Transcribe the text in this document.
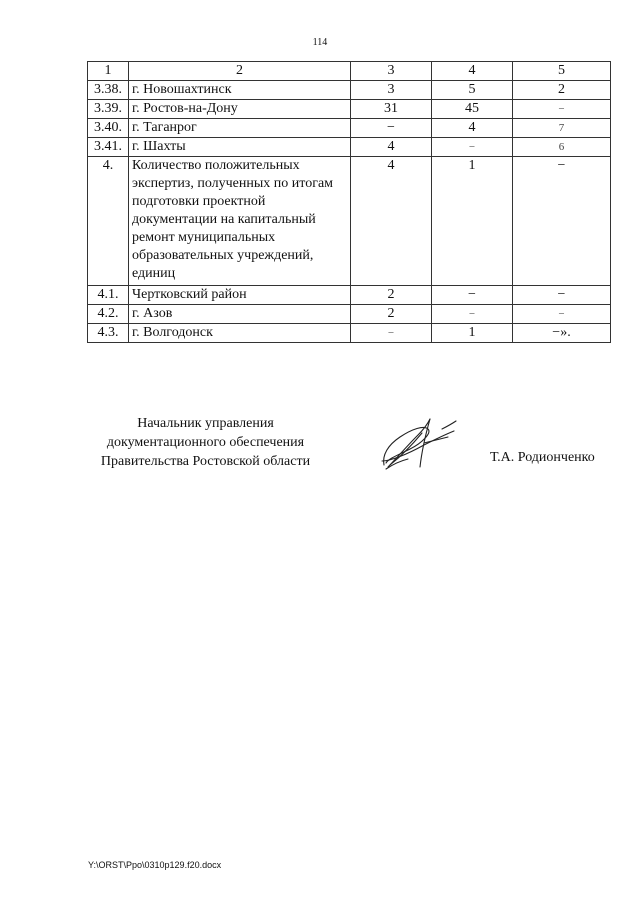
114
1	2	3	4	5
3.38.	г. Новошахтинск	3	5	2
3.39.	г. Ростов-на-Дону	31	45	−
3.40.	г. Таганрог	−	4	7
3.41.	г. Шахты	4	−	6
4.	Количество положительных экспертиз, полученных по итогам подготовки проектной документации на капитальный ремонт муниципальных образовательных учреждений, единиц	4	1	−
4.1.	Чертковский район	2	−	−
4.2.	г. Азов	2	−	−
4.3.	г. Волгодонск	−	1	−».
Начальник управления
документационного обеспечения
Правительства Ростовской области	Т.А. Родионченко
Y:\ORST\Ppo\0310p129.f20.docx
